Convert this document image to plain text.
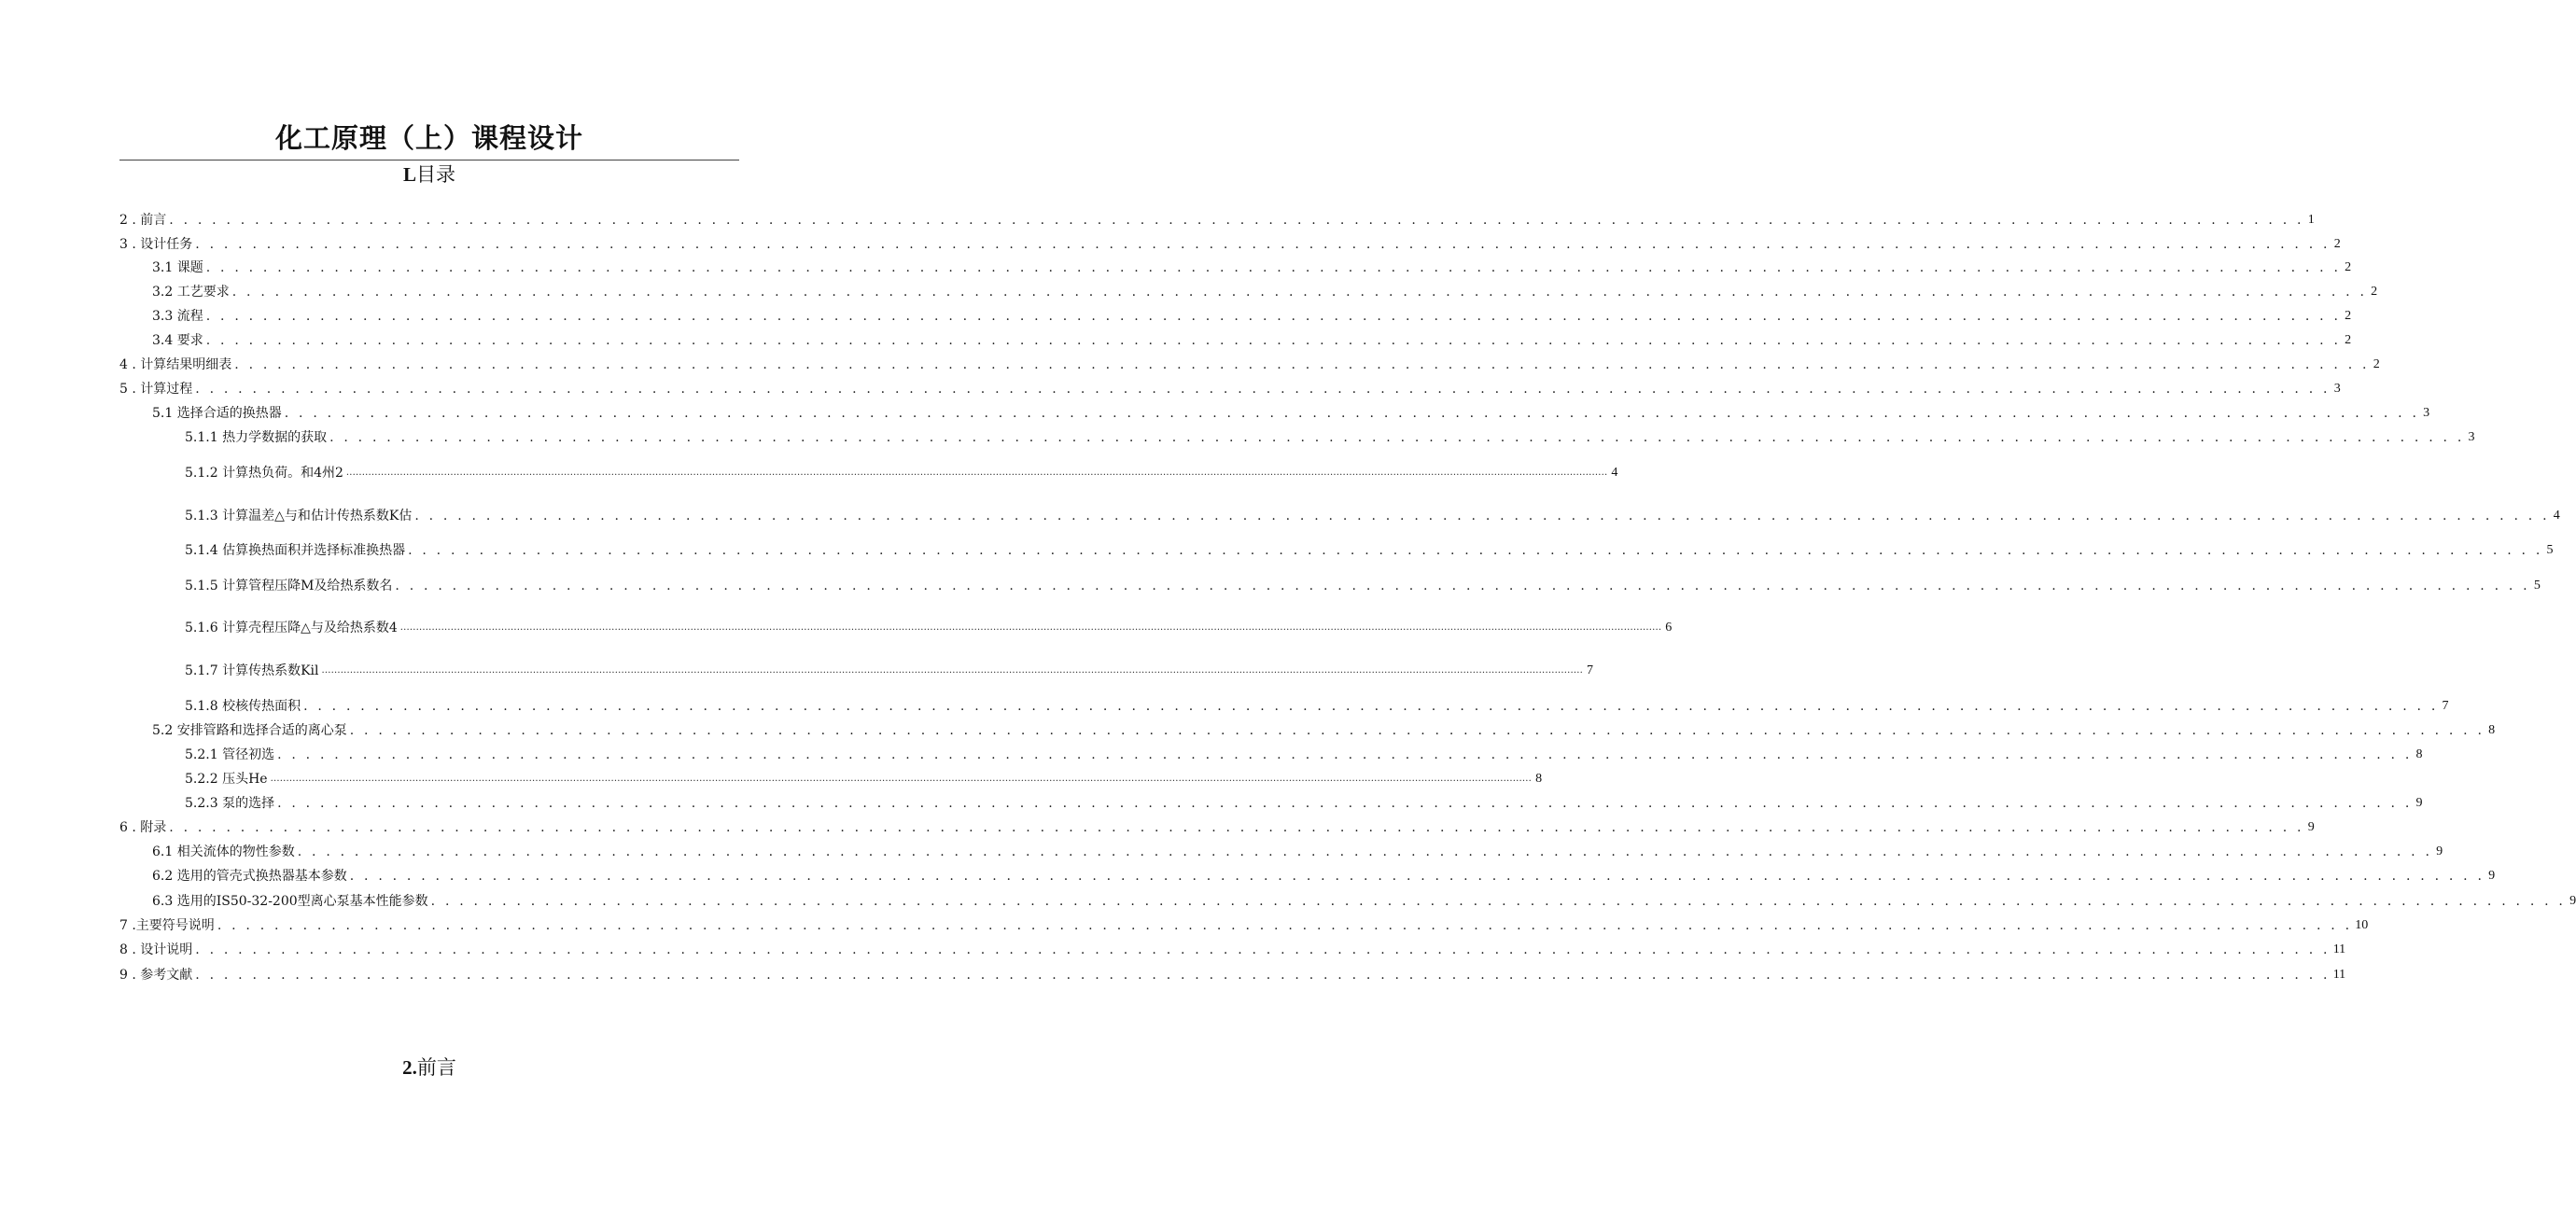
化工原理（上）课程设计
L目录
2 . 前言 . . . . . . . . . . . . . . . . . . . . . . . . . . . . . . . . . . . . . . . . . . . . . . . . . . . . . . . . . . . . . . . . . . . . . . . . . . . . . . . . . . . . . . . . . . . . . . . . . . . . . . . . . . . . . . . . . . . . . . . . . . . . . . . . . . . . . . . . . . . . . . . . . . . . . . 1
3 . 设计任务 . . . . . . . . . . . . . . . . . . . . . . . . . . . . . . . . . . . . . . . . . . . . . . . . . . . . . . . . . . . . . . . . . . . . . . . . . . . . . . . . . . . . . . . . . . . . . . . . . . . . . . . . . . . . . . . . . . . . . . . . . . . . . . . . . . . . . . . . . . . . . . . . . . . . . . 2
3.1 课题 . . . . . . . . . . . . . . . . . . . . . . . . . . . . . . . . . . . . . . . . . . . . . . . . . . . . . . . . . . . . . . . . . . . . . . . . . . . . . . . . . . . . . . . . . . . . . . . . . . . . . . . . . . . . . . . . . . . . . . . . . . . . . . . . . . . . . . . . . . . . . . . . . . . . . . 2
3.2 工艺要求 . . . . . . . . . . . . . . . . . . . . . . . . . . . . . . . . . . . . . . . . . . . . . . . . . . . . . . . . . . . . . . . . . . . . . . . . . . . . . . . . . . . . . . . . . . . . . . . . . . . . . . . . . . . . . . . . . . . . . . . . . . . . . . . . . . . . . . . . . . . . . . . . . . . . . . 2
3.3 流程 . . . . . . . . . . . . . . . . . . . . . . . . . . . . . . . . . . . . . . . . . . . . . . . . . . . . . . . . . . . . . . . . . . . . . . . . . . . . . . . . . . . . . . . . . . . . . . . . . . . . . . . . . . . . . . . . . . . . . . . . . . . . . . . . . . . . . . . . . . . . . . . . . . . . . . 2
3.4 要求 . . . . . . . . . . . . . . . . . . . . . . . . . . . . . . . . . . . . . . . . . . . . . . . . . . . . . . . . . . . . . . . . . . . . . . . . . . . . . . . . . . . . . . . . . . . . . . . . . . . . . . . . . . . . . . . . . . . . . . . . . . . . . . . . . . . . . . . . . . . . . . . . . . . . . . 2
4 . 计算结果明细表 . . . . . . . . . . . . . . . . . . . . . . . . . . . . . . . . . . . . . . . . . . . . . . . . . . . . . . . . . . . . . . . . . . . . . . . . . . . . . . . . . . . . . . . . . . . . . . . . . . . . . . . . . . . . . . . . . . . . . . . . . . . . . . . . . . . . . . . . . . . . . . . . . . . . . . 2
5 . 计算过程 . . . . . . . . . . . . . . . . . . . . . . . . . . . . . . . . . . . . . . . . . . . . . . . . . . . . . . . . . . . . . . . . . . . . . . . . . . . . . . . . . . . . . . . . . . . . . . . . . . . . . . . . . . . . . . . . . . . . . . . . . . . . . . . . . . . . . . . . . . . . . . . . . . . . . . 3
5.1 选择合适的换热器 . . . . . . . . . . . . . . . . . . . . . . . . . . . . . . . . . . . . . . . . . . . . . . . . . . . . . . . . . . . . . . . . . . . . . . . . . . . . . . . . . . . . . . . . . . . . . . . . . . . . . . . . . . . . . . . . . . . . . . . . . . . . . . . . . . . . . . . . . . . . . . . . . . . . . . 3
5.1.1 热力学数据的获取 . . . . . . . . . . . . . . . . . . . . . . . . . . . . . . . . . . . . . . . . . . . . . . . . . . . . . . . . . . . . . . . . . . . . . . . . . . . . . . . . . . . . . . . . . . . . . . . . . . . . . . . . . . . . . . . . . . . . . . . . . . . . . . . . . . . . . . . . . . . . . . . . . . . . . . 3
5.1.2 计算热负荷。和4州2 ................................................................................................................................................................................................................................................................................................................................................................................................................ 4
5.1.3 计算温差△与和估计传热系数K估 . . . . . . . . . . . . . . . . . . . . . . . . . . . . . . . . . . . . . . . . . . . . . . . . . . . . . . . . . . . . . . . . . . . . . . . . . . . . . . . . . . . . . . . . . . . . . . . . . . . . . . . . . . . . . . . . . . . . . . . . . . . . . . . . . . . . . . . . . . . . . . . . . . . . . . 4
5.1.4 估算换热面积并选择标准换热器 . . . . . . . . . . . . . . . . . . . . . . . . . . . . . . . . . . . . . . . . . . . . . . . . . . . . . . . . . . . . . . . . . . . . . . . . . . . . . . . . . . . . . . . . . . . . . . . . . . . . . . . . . . . . . . . . . . . . . . . . . . . . . . . . . . . . . . . . . . . . . . . . . . . . . . 5
5.1.5 计算管程压降M及给热系数名 . . . . . . . . . . . . . . . . . . . . . . . . . . . . . . . . . . . . . . . . . . . . . . . . . . . . . . . . . . . . . . . . . . . . . . . . . . . . . . . . . . . . . . . . . . . . . . . . . . . . . . . . . . . . . . . . . . . . . . . . . . . . . . . . . . . . . . . . . . . . . . . . . . . . . . 5
5.1.6 计算壳程压降△与及给热系数4 ................................................................................................................................................................................................................................................................................................................................................................................................................ 6
5.1.7 计算传热系数Kil ................................................................................................................................................................................................................................................................................................................................................................................................................ 7
5.1.8 校核传热面积 . . . . . . . . . . . . . . . . . . . . . . . . . . . . . . . . . . . . . . . . . . . . . . . . . . . . . . . . . . . . . . . . . . . . . . . . . . . . . . . . . . . . . . . . . . . . . . . . . . . . . . . . . . . . . . . . . . . . . . . . . . . . . . . . . . . . . . . . . . . . . . . . . . . . . . 7
5.2 安排管路和选择合适的离心泵 . . . . . . . . . . . . . . . . . . . . . . . . . . . . . . . . . . . . . . . . . . . . . . . . . . . . . . . . . . . . . . . . . . . . . . . . . . . . . . . . . . . . . . . . . . . . . . . . . . . . . . . . . . . . . . . . . . . . . . . . . . . . . . . . . . . . . . . . . . . . . . . . . . . . . . 8
5.2.1 管径初选 . . . . . . . . . . . . . . . . . . . . . . . . . . . . . . . . . . . . . . . . . . . . . . . . . . . . . . . . . . . . . . . . . . . . . . . . . . . . . . . . . . . . . . . . . . . . . . . . . . . . . . . . . . . . . . . . . . . . . . . . . . . . . . . . . . . . . . . . . . . . . . . . . . . . . . 8
5.2.2 压头He ................................................................................................................................................................................................................................................................................................................................................................................................................ 8
5.2.3 泵的选择 . . . . . . . . . . . . . . . . . . . . . . . . . . . . . . . . . . . . . . . . . . . . . . . . . . . . . . . . . . . . . . . . . . . . . . . . . . . . . . . . . . . . . . . . . . . . . . . . . . . . . . . . . . . . . . . . . . . . . . . . . . . . . . . . . . . . . . . . . . . . . . . . . . . . . . 9
6 . 附录 . . . . . . . . . . . . . . . . . . . . . . . . . . . . . . . . . . . . . . . . . . . . . . . . . . . . . . . . . . . . . . . . . . . . . . . . . . . . . . . . . . . . . . . . . . . . . . . . . . . . . . . . . . . . . . . . . . . . . . . . . . . . . . . . . . . . . . . . . . . . . . . . . . . . . . 9
6.1 相关流体的物性参数 . . . . . . . . . . . . . . . . . . . . . . . . . . . . . . . . . . . . . . . . . . . . . . . . . . . . . . . . . . . . . . . . . . . . . . . . . . . . . . . . . . . . . . . . . . . . . . . . . . . . . . . . . . . . . . . . . . . . . . . . . . . . . . . . . . . . . . . . . . . . . . . . . . . . . . 9
6.2 选用的管壳式换热器基本参数 . . . . . . . . . . . . . . . . . . . . . . . . . . . . . . . . . . . . . . . . . . . . . . . . . . . . . . . . . . . . . . . . . . . . . . . . . . . . . . . . . . . . . . . . . . . . . . . . . . . . . . . . . . . . . . . . . . . . . . . . . . . . . . . . . . . . . . . . . . . . . . . . . . . . . . 9
6.3 选用的IS50-32-200型离心泵基本性能参数 . . . . . . . . . . . . . . . . . . . . . . . . . . . . . . . . . . . . . . . . . . . . . . . . . . . . . . . . . . . . . . . . . . . . . . . . . . . . . . . . . . . . . . . . . . . . . . . . . . . . . . . . . . . . . . . . . . . . . . . . . . . . . . . . . . . . . . . . . . . . . . . . . . . . . . 9
7 .主要符号说明 . . . . . . . . . . . . . . . . . . . . . . . . . . . . . . . . . . . . . . . . . . . . . . . . . . . . . . . . . . . . . . . . . . . . . . . . . . . . . . . . . . . . . . . . . . . . . . . . . . . . . . . . . . . . . . . . . . . . . . . . . . . . . . . . . . . . . . . . . . . . . . . . . . . . . . 10
8 . 设计说明 . . . . . . . . . . . . . . . . . . . . . . . . . . . . . . . . . . . . . . . . . . . . . . . . . . . . . . . . . . . . . . . . . . . . . . . . . . . . . . . . . . . . . . . . . . . . . . . . . . . . . . . . . . . . . . . . . . . . . . . . . . . . . . . . . . . . . . . . . . . . . . . . . . . . . . 11
9 . 参考文献 . . . . . . . . . . . . . . . . . . . . . . . . . . . . . . . . . . . . . . . . . . . . . . . . . . . . . . . . . . . . . . . . . . . . . . . . . . . . . . . . . . . . . . . . . . . . . . . . . . . . . . . . . . . . . . . . . . . . . . . . . . . . . . . . . . . . . . . . . . . . . . . . . . . . . . 11
2.前言
